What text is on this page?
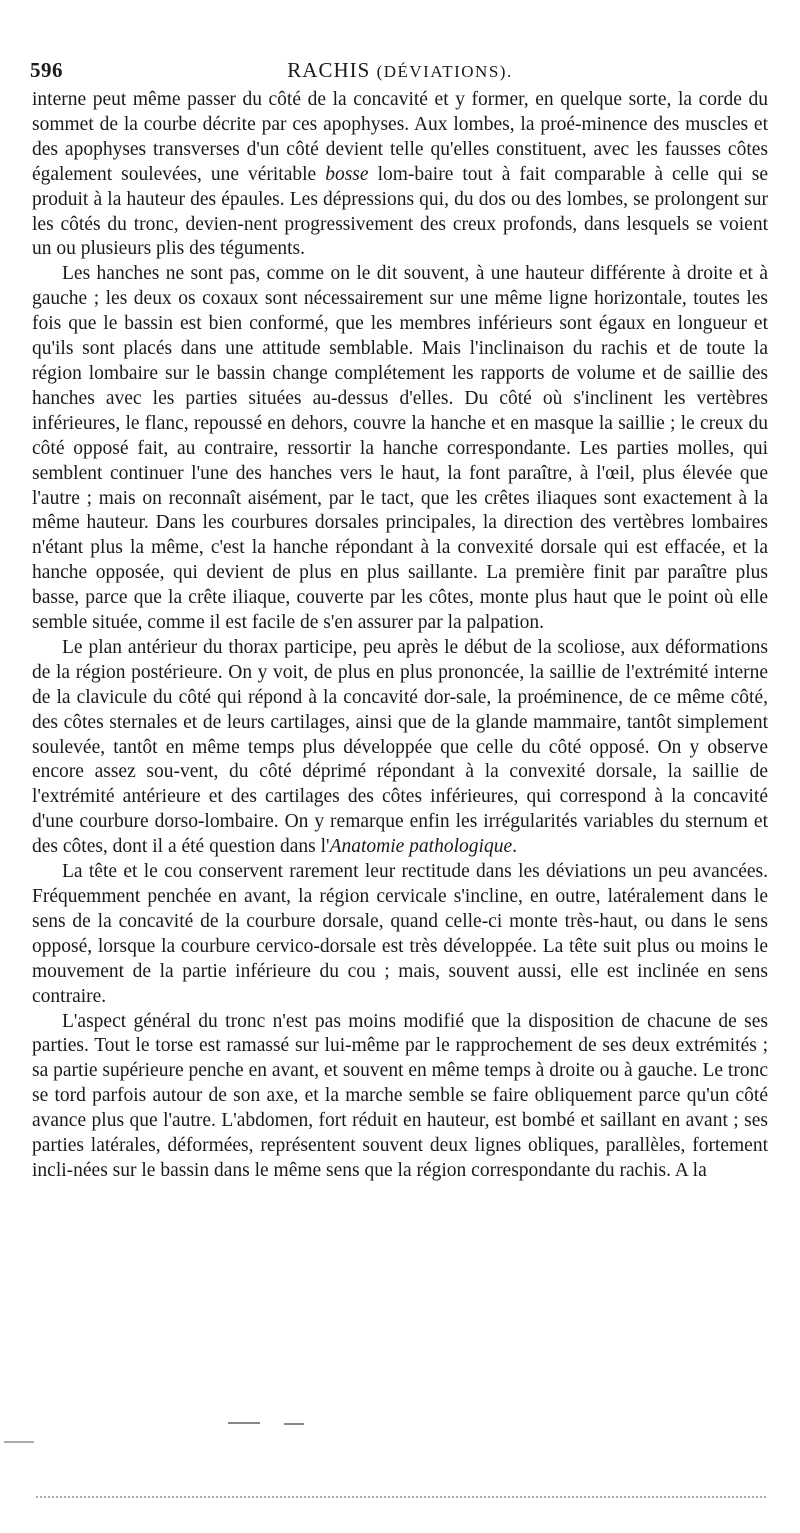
596	RACHIS (DÉVIATIONS).

interne peut même passer du côté de la concavité et y former, en quelque sorte, la corde du sommet de la courbe décrite par ces apophyses. Aux lombes, la proé-minence des muscles et des apophyses transverses d'un côté devient telle qu'elles constituent, avec les fausses côtes également soulevées, une véritable bosse lom-baire tout à fait comparable à celle qui se produit à la hauteur des épaules. Les dépressions qui, du dos ou des lombes, se prolongent sur les côtés du tronc, devien-nent progressivement des creux profonds, dans lesquels se voient un ou plusieurs plis des téguments.

Les hanches ne sont pas, comme on le dit souvent, à une hauteur différente à droite et à gauche ; les deux os coxaux sont nécessairement sur une même ligne horizontale, toutes les fois que le bassin est bien conformé, que les membres inférieurs sont égaux en longueur et qu'ils sont placés dans une attitude semblable. Mais l'inclinaison du rachis et de toute la région lombaire sur le bassin change complétement les rapports de volume et de saillie des hanches avec les parties situées au-dessus d'elles. Du côté où s'inclinent les vertèbres inférieures, le flanc, repoussé en dehors, couvre la hanche et en masque la saillie ; le creux du côté opposé fait, au contraire, ressortir la hanche correspondante. Les parties molles, qui semblent continuer l'une des hanches vers le haut, la font paraître, à l'œil, plus élevée que l'autre ; mais on reconnaît aisément, par le tact, que les crêtes iliaques sont exactement à la même hauteur. Dans les courbures dorsales principales, la direction des vertèbres lombaires n'étant plus la même, c'est la hanche répondant à la convexité dorsale qui est effacée, et la hanche opposée, qui devient de plus en plus saillante. La première finit par paraître plus basse, parce que la crête iliaque, couverte par les côtes, monte plus haut que le point où elle semble située, comme il est facile de s'en assurer par la palpation.

Le plan antérieur du thorax participe, peu après le début de la scoliose, aux déformations de la région postérieure. On y voit, de plus en plus prononcée, la saillie de l'extrémité interne de la clavicule du côté qui répond à la concavité dor-sale, la proéminence, de ce même côté, des côtes sternales et de leurs cartilages, ainsi que de la glande mammaire, tantôt simplement soulevée, tantôt en même temps plus développée que celle du côté opposé. On y observe encore assez sou-vent, du côté déprimé répondant à la convexité dorsale, la saillie de l'extrémité antérieure et des cartilages des côtes inférieures, qui correspond à la concavité d'une courbure dorso-lombaire. On y remarque enfin les irrégularités variables du sternum et des côtes, dont il a été question dans l'Anatomie pathologique.

La tête et le cou conservent rarement leur rectitude dans les déviations un peu avancées. Fréquemment penchée en avant, la région cervicale s'incline, en outre, latéralement dans le sens de la concavité de la courbure dorsale, quand celle-ci monte très-haut, ou dans le sens opposé, lorsque la courbure cervico-dorsale est très développée. La tête suit plus ou moins le mouvement de la partie inférieure du cou ; mais, souvent aussi, elle est inclinée en sens contraire.

L'aspect général du tronc n'est pas moins modifié que la disposition de chacune de ses parties. Tout le torse est ramassé sur lui-même par le rapprochement de ses deux extrémités ; sa partie supérieure penche en avant, et souvent en même temps à droite ou à gauche. Le tronc se tord parfois autour de son axe, et la marche semble se faire obliquement parce qu'un côté avance plus que l'autre. L'abdomen, fort réduit en hauteur, est bombé et saillant en avant ; ses parties latérales, déformées, représentent souvent deux lignes obliques, parallèles, fortement incli-nées sur le bassin dans le même sens que la région correspondante du rachis. A la
